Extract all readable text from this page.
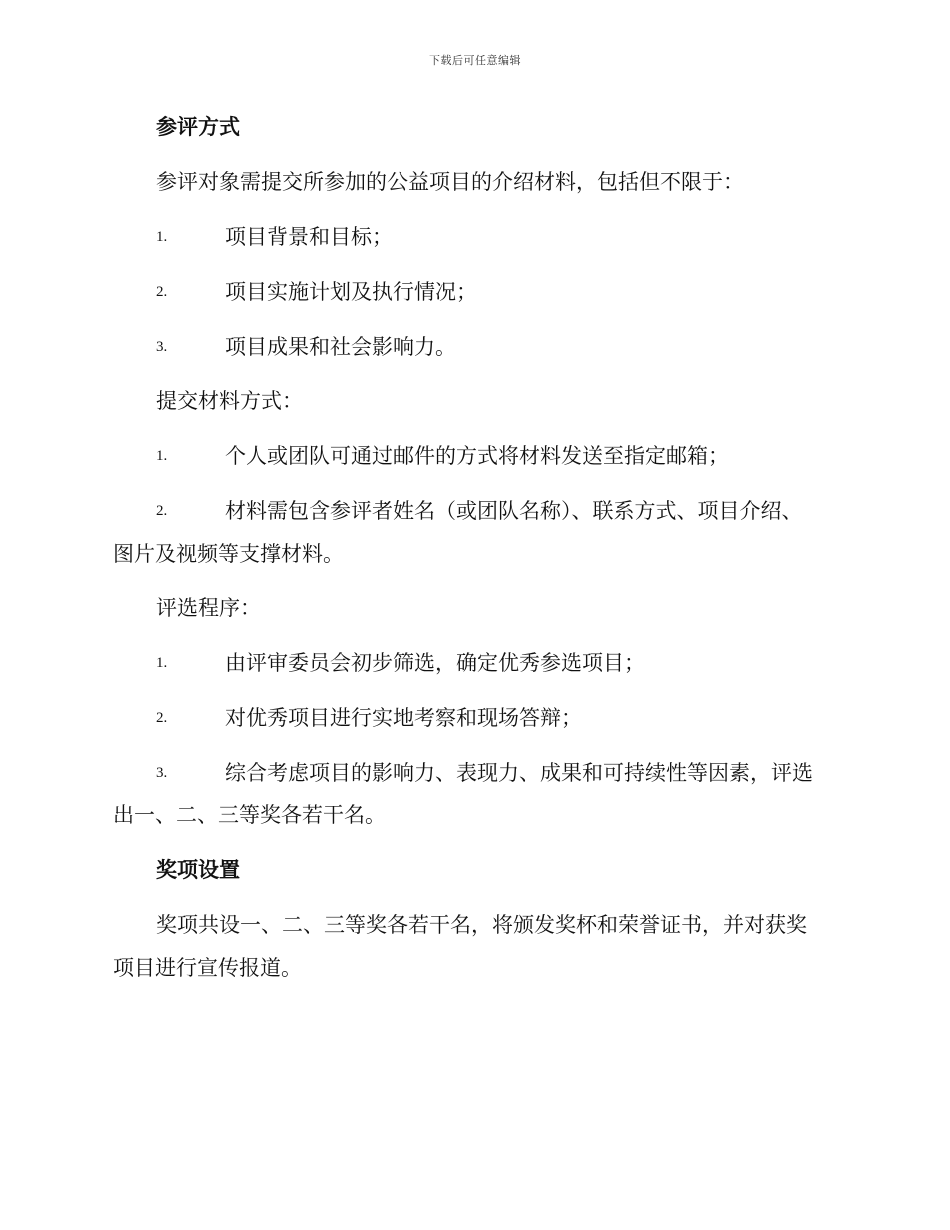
下载后可任意编辑
参评方式
参评对象需提交所参加的公益项目的介绍材料，包括但不限于：
1.	项目背景和目标；
2.	项目实施计划及执行情况；
3.	项目成果和社会影响力。
提交材料方式：
1.	个人或团队可通过邮件的方式将材料发送至指定邮箱；
2.	材料需包含参评者姓名（或团队名称）、联系方式、项目介绍、
图片及视频等支撑材料。
评选程序：
1.	由评审委员会初步筛选，确定优秀参选项目；
2.	对优秀项目进行实地考察和现场答辩；
3.	综合考虑项目的影响力、表现力、成果和可持续性等因素，评选
出一、二、三等奖各若干名。
奖项设置
奖项共设一、二、三等奖各若干名，将颁发奖杯和荣誉证书，并对获奖
项目进行宣传报道。
